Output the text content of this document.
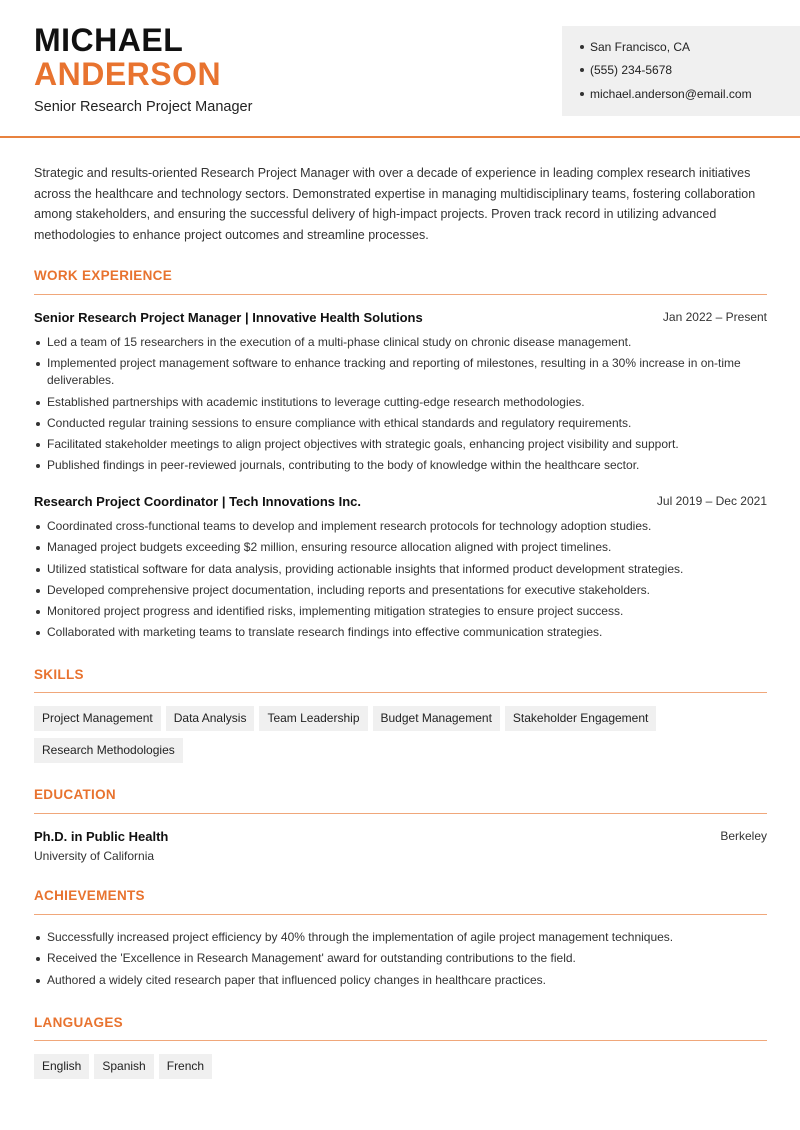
MICHAEL
ANDERSON
Senior Research Project Manager
San Francisco, CA
(555) 234-5678
michael.anderson@email.com

Strategic and results-oriented Research Project Manager with over a decade of experience in leading complex research initiatives across the healthcare and technology sectors. Demonstrated expertise in managing multidisciplinary teams, fostering collaboration among stakeholders, and ensuring the successful delivery of high-impact projects. Proven track record in utilizing advanced methodologies to enhance project outcomes and streamline processes.

WORK EXPERIENCE
Senior Research Project Manager | Innovative Health Solutions	Jan 2022 – Present
Led a team of 15 researchers in the execution of a multi-phase clinical study on chronic disease management.
Implemented project management software to enhance tracking and reporting of milestones, resulting in a 30% increase in on-time deliverables.
Established partnerships with academic institutions to leverage cutting-edge research methodologies.
Conducted regular training sessions to ensure compliance with ethical standards and regulatory requirements.
Facilitated stakeholder meetings to align project objectives with strategic goals, enhancing project visibility and support.
Published findings in peer-reviewed journals, contributing to the body of knowledge within the healthcare sector.
Research Project Coordinator | Tech Innovations Inc.	Jul 2019 – Dec 2021
Coordinated cross-functional teams to develop and implement research protocols for technology adoption studies.
Managed project budgets exceeding $2 million, ensuring resource allocation aligned with project timelines.
Utilized statistical software for data analysis, providing actionable insights that informed product development strategies.
Developed comprehensive project documentation, including reports and presentations for executive stakeholders.
Monitored project progress and identified risks, implementing mitigation strategies to ensure project success.
Collaborated with marketing teams to translate research findings into effective communication strategies.
SKILLS
Project Management Data Analysis Team Leadership Budget Management Stakeholder Engagement
Research Methodologies
EDUCATION
Ph.D. in Public Health	Berkeley
University of California
ACHIEVEMENTS
Successfully increased project efficiency by 40% through the implementation of agile project management techniques.
Received the 'Excellence in Research Management' award for outstanding contributions to the field.
Authored a widely cited research paper that influenced policy changes in healthcare practices.
LANGUAGES
English Spanish French
